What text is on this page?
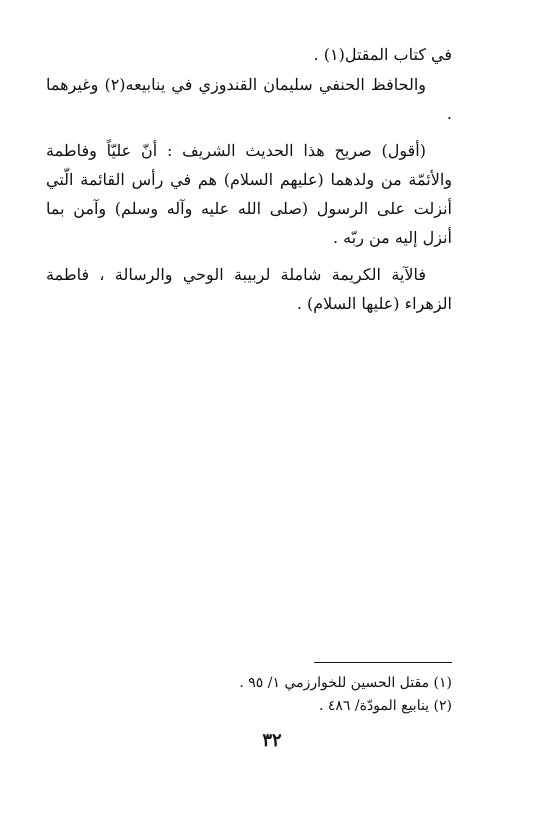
في كتاب المقتل(١) .

والحافظ الحنفي سليمان القندوزي في ينابيعه(٢) وغيرهما .

(أقول) صريح هذا الحديث الشريف : أنّ عليّاً وفاطمة والأئمّة من ولدهما (عليهم السلام) هم في رأس القائمة الّتي أنزلت على الرسول (صلى الله عليه وآله وسلم) وآمن بما أنزل إليه من ربّه .

فالآية الكريمة شاملة لربيبة الوحي والرسالة ، فاطمة الزهراء (عليها السلام) .

(١) مقتل الحسين للخوارزمي ١/ ٩٥ .

(٢) ينابيع المودّة/ ٤٨٦ .

٣٢
